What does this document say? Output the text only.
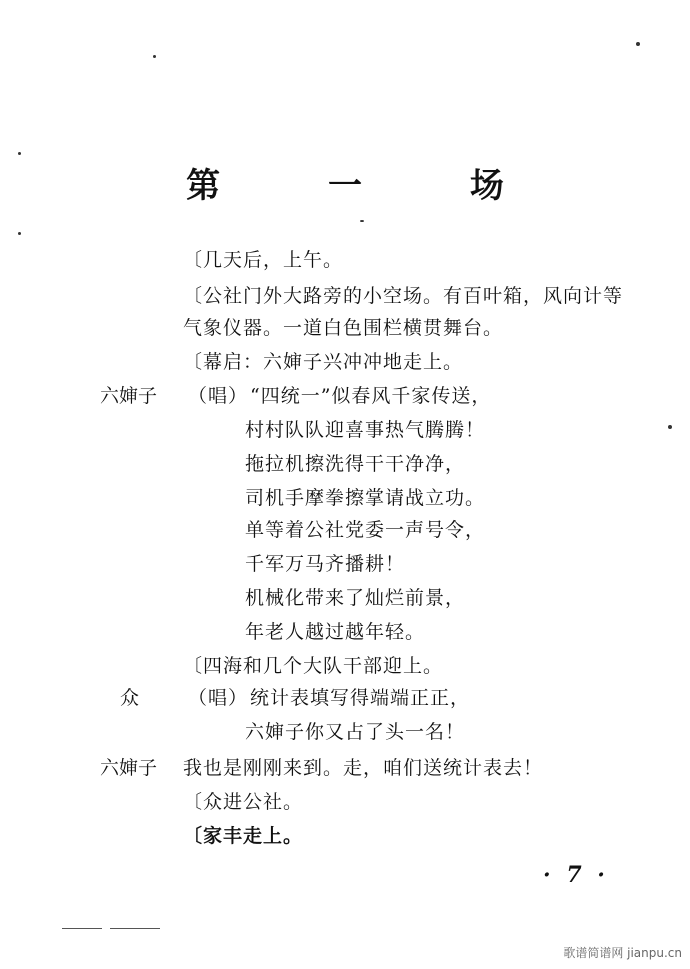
第 一 场
〔几天后，上午。
〔公社门外大路旁的小空场。有百叶箱，风向计等
气象仪器。一道白色围栏横贯舞台。
〔幕启：六婶子兴冲冲地走上。
六婶子 （唱） “四统一”似春风千家传送，
村村队队迎喜事热气腾腾！
拖拉机擦洗得干干净净，
司机手摩拳擦掌请战立功。
单等着公社党委一声号令，
千军万马齐播耕！
机械化带来了灿烂前景，
年老人越过越年轻。
〔四海和几个大队干部迎上。
众	（唱） 统计表填写得端端正正，
六婶子你又占了头一名！
六婶子 我也是刚刚来到。走，咱们送统计表去！
〔众进公社。
〔家丰走上。
· 7 ·
歌谱简谱网 jianpu.cn
